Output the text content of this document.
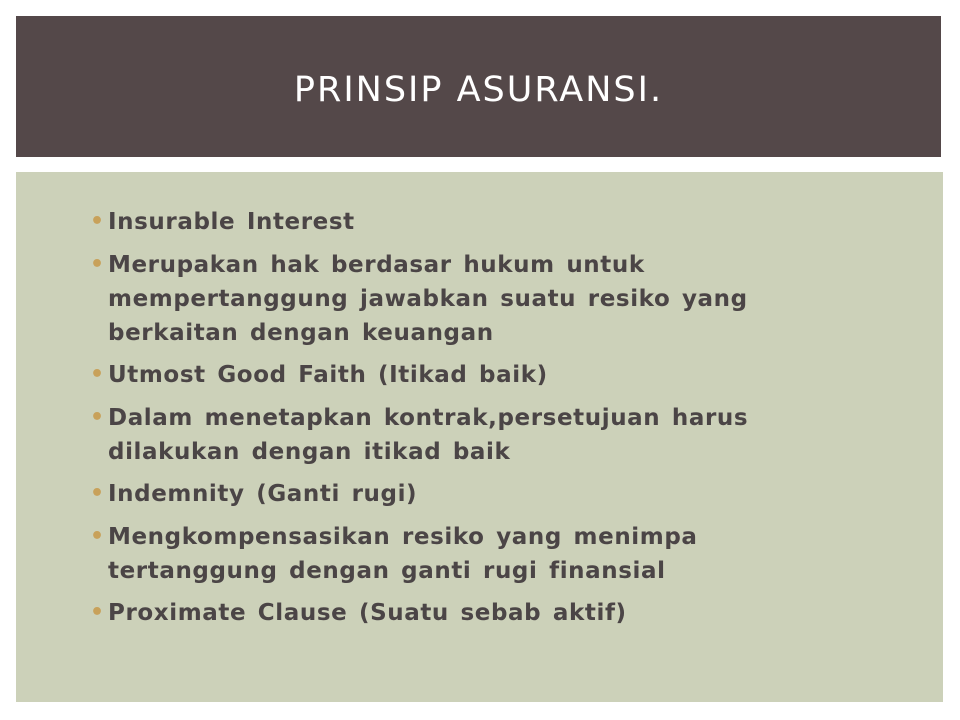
PRINSIP ASURANSI.
• Insurable Interest
• Merupakan hak berdasar hukum untuk mempertanggung jawabkan suatu resiko yang berkaitan dengan keuangan
• Utmost Good Faith (Itikad baik)
• Dalam menetapkan kontrak,persetujuan harus dilakukan dengan itikad baik
• Indemnity (Ganti rugi)
• Mengkompensasikan resiko yang menimpa tertanggung dengan ganti rugi finansial
• Proximate Clause (Suatu sebab aktif)
